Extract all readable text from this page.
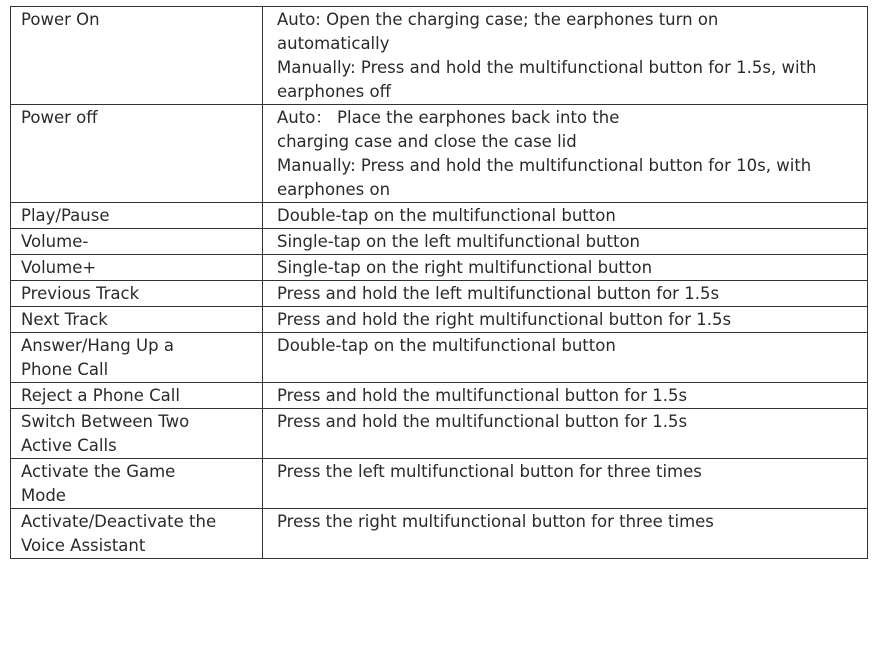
Power On	Auto: Open the charging case; the earphones turn on
automatically
Manually: Press and hold the multifunctional button for 1.5s, with
earphones off

Power off	Auto： Place the earphones back into the
charging case and close the case lid
Manually: Press and hold the multifunctional button for 10s, with
earphones on

Play/Pause	Double-tap on the multifunctional button

Volume-	Single-tap on the left multifunctional button

Volume+	Single-tap on the right multifunctional button

Previous Track	Press and hold the left multifunctional button for 1.5s

Next Track	Press and hold the right multifunctional button for 1.5s

Answer/Hang Up a
Phone Call	Double-tap on the multifunctional button

Reject a Phone Call	Press and hold the multifunctional button for 1.5s

Switch Between Two
Active Calls	Press and hold the multifunctional button for 1.5s

Activate the Game
Mode	Press the left multifunctional button for three times

Activate/Deactivate the
Voice Assistant	Press the right multifunctional button for three times
